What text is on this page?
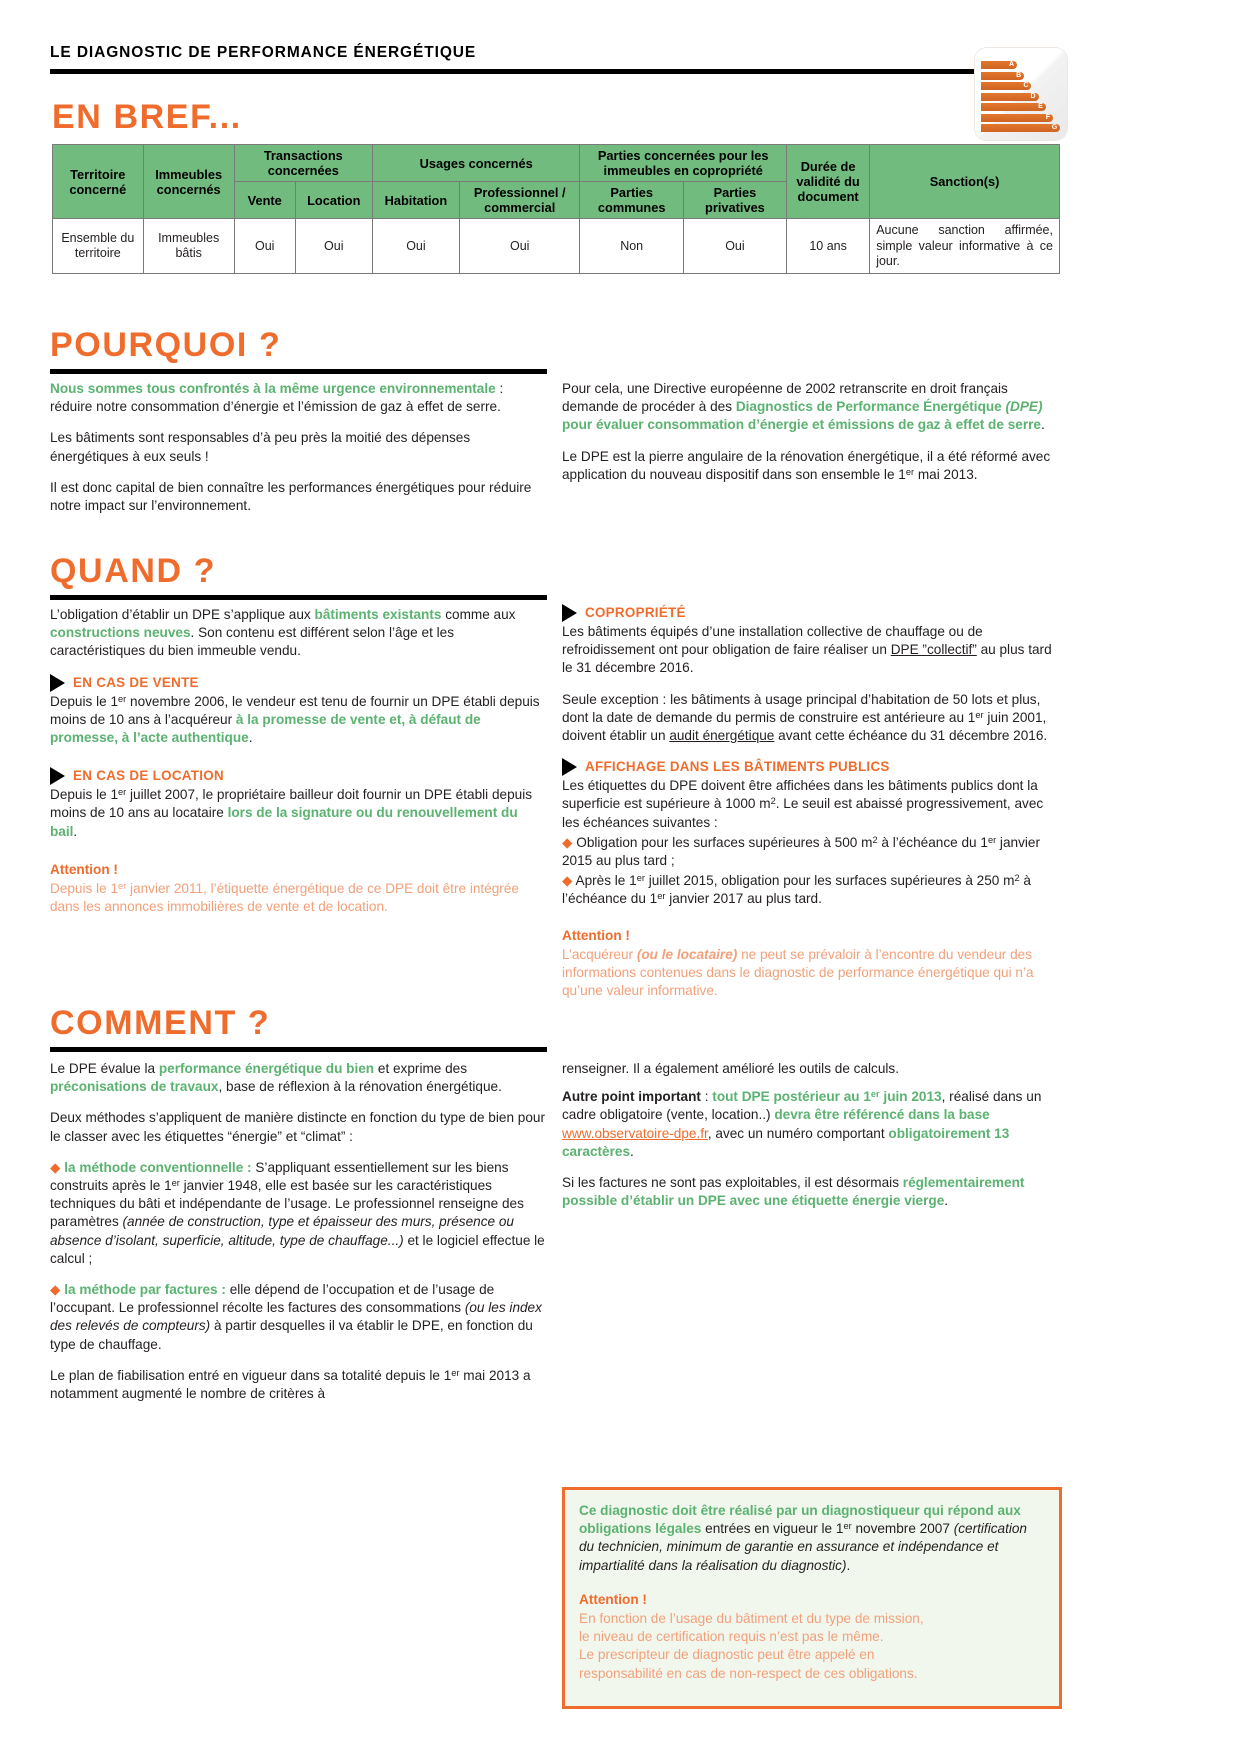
LE DIAGNOSTIC DE PERFORMANCE ÉNERGÉTIQUE
A
B
C
D
E
F
G
EN BREF...
Territoire concerné	Immeubles concernés	Transactions concernées		Usages concernés		Parties concernées pour les immeubles en copropriété		Durée de validité du document	Sanction(s)
		Vente	Location	Habitation	Professionnel / commercial	Parties communes	Parties privatives		
Ensemble du territoire	Immeubles bâtis	Oui	Oui	Oui	Oui	Non	Oui	10 ans	Aucune sanction affirmée, simple valeur informative à ce jour.
POURQUOI ?

Nous sommes tous confrontés à la même urgence environnementale : réduire notre consommation d’énergie et l’émission de gaz à effet de serre.

Les bâtiments sont responsables d’à peu près la moitié des dépenses énergétiques à eux seuls !

Il est donc capital de bien connaître les performances énergétiques pour réduire notre impact sur l’environnement.

Pour cela, une Directive européenne de 2002 retranscrite en droit français demande de procéder à des Diagnostics de Performance Énergétique (DPE) pour évaluer consommation d’énergie et émissions de gaz à effet de serre.

Le DPE est la pierre angulaire de la rénovation énergétique, il a été réformé avec application du nouveau dispositif dans son ensemble le 1er mai 2013.

QUAND ?

L’obligation d’établir un DPE s’applique aux bâtiments existants comme aux constructions neuves. Son contenu est différent selon l’âge et les caractéristiques du bien immeuble vendu.

EN CAS DE VENTE

Depuis le 1er novembre 2006, le vendeur est tenu de fournir un DPE établi depuis moins de 10 ans à l’acquéreur à la promesse de vente et, à défaut de promesse, à l’acte authentique.

EN CAS DE LOCATION

Depuis le 1er juillet 2007, le propriétaire bailleur doit fournir un DPE établi depuis moins de 10 ans au locataire lors de la signature ou du renouvellement du bail.

Attention !

Depuis le 1er janvier 2011, l’étiquette énergétique de ce DPE doit être intégrée dans les annonces immobilières de vente et de location.

COPROPRIÉTÉ

Les bâtiments équipés d’une installation collective de chauffage ou de refroidissement ont pour obligation de faire réaliser un DPE ”collectif” au plus tard le 31 décembre 2016.

Seule exception : les bâtiments à usage principal d’habitation de 50 lots et plus, dont la date de demande du permis de construire est antérieure au 1er juin 2001, doivent établir un audit énergétique avant cette échéance du 31 décembre 2016.

AFFICHAGE DANS LES BÂTIMENTS PUBLICS

Les étiquettes du DPE doivent être affichées dans les bâtiments publics dont la superficie est supérieure à 1000 $m^2$. Le seuil est abaissé progressivement, avec les échéances suivantes :

◆ Obligation pour les surfaces supérieures à 500 $m^2$ à l’échéance du 1er janvier 2015 au plus tard ;

◆ Après le 1er juillet 2015, obligation pour les surfaces supérieures à 250 $m^2$ à l’échéance du 1er janvier 2017 au plus tard.

Attention !

L’acquéreur (ou le locataire) ne peut se prévaloir à l’encontre du vendeur des informations contenues dans le diagnostic de performance énergétique qui n’a qu’une valeur informative.

COMMENT ?

Le DPE évalue la performance énergétique du bien et exprime des préconisations de travaux, base de réflexion à la rénovation énergétique.

Deux méthodes s’appliquent de manière distincte en fonction du type de bien pour le classer avec les étiquettes “énergie” et “climat” :

◆ la méthode conventionnelle : S’appliquant essentiellement sur les biens construits après le 1er janvier 1948, elle est basée sur les caractéristiques techniques du bâti et indépendante de l’usage. Le professionnel renseigne des paramètres (année de construction, type et épaisseur des murs, présence ou absence d’isolant, superficie, altitude, type de chauffage...) et le logiciel effectue le calcul ;

◆ la méthode par factures : elle dépend de l’occupation et de l’usage de l’occupant. Le professionnel récolte les factures des consommations (ou les index des relevés de compteurs) à partir desquelles il va établir le DPE, en fonction du type de chauffage.

Le plan de fiabilisation entré en vigueur dans sa totalité depuis le 1er mai 2013 a notamment augmenté le nombre de critères à

renseigner. Il a également amélioré les outils de calculs.

Autre point important : tout DPE postérieur au 1er juin 2013, réalisé dans un cadre obligatoire (vente, location..) devra être référencé dans la base www.observatoire-dpe.fr, avec un numéro comportant obligatoirement 13 caractères.

Si les factures ne sont pas exploitables, il est désormais réglementairement possible d’établir un DPE avec une étiquette énergie vierge.

Ce diagnostic doit être réalisé par un diagnostiqueur qui répond aux obligations légales entrées en vigueur le 1er novembre 2007 (certification du technicien, minimum de garantie en assurance et indépendance et impartialité dans la réalisation du diagnostic).

Attention !

En fonction de l’usage du bâtiment et du type de mission,
le niveau de certification requis n’est pas le même.
Le prescripteur de diagnostic peut être appelé en
responsabilité en cas de non-respect de ces obligations.
